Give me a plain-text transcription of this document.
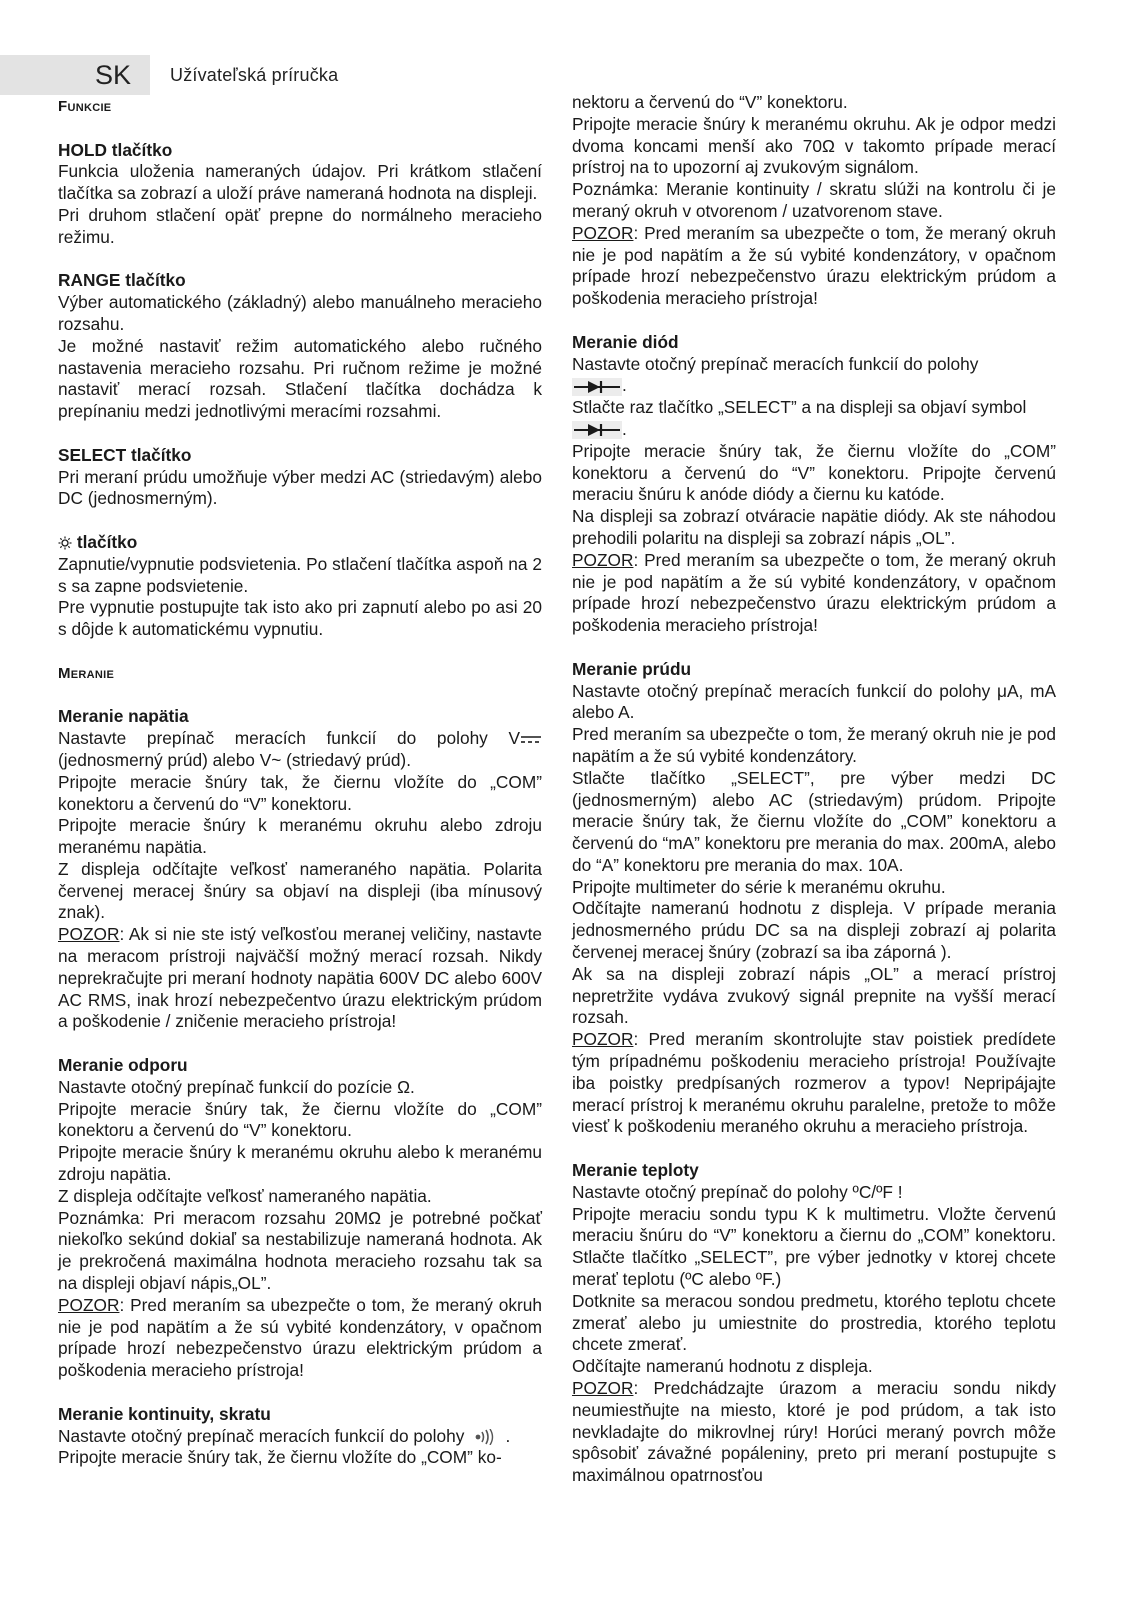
SK	Užívateľská príručka

Funkcie

HOLD tlačítko

Funkcia uloženia nameraných údajov. Pri krátkom stlačení tlačítka sa zobrazí a uloží práve nameraná hodnota na displeji.

Pri druhom stlačení opäť prepne do normálneho meracieho režimu.

RANGE tlačítko

Výber automatického (základný) alebo manuálneho meracieho rozsahu.

Je možné nastaviť režim automatického alebo ručného nastavenia meracieho rozsahu. Pri ručnom režime je možné nastaviť merací rozsah. Stlačení tlačítka dochádza k prepínaniu medzi jednotlivými meracími rozsahmi.

SELECT tlačítko

Pri meraní prúdu umožňuje výber medzi AC (striedavým) alebo DC (jednosmerným).

tlačítko

Zapnutie/vypnutie podsvietenia. Po stlačení tlačítka aspoň na 2 s sa zapne podsvietenie.

Pre vypnutie postupujte tak isto ako pri zapnutí alebo po asi 20 s dôjde k automatickému vypnutiu.

Meranie

Meranie napätia

Nastavte prepínač meracích funkcií do polohy V (jednosmerný prúd) alebo V~ (striedavý prúd).

Pripojte meracie šnúry tak, že čiernu vložíte do „COM” konektoru a červenú do “V” konektoru.

Pripojte meracie šnúry k meranému okruhu alebo zdroju meranému napätia.

Z displeja odčítajte veľkosť nameraného napätia. Polarita červenej meracej šnúry sa objaví na displeji (iba mínusový znak).

POZOR: Ak si nie ste istý veľkosťou meranej veličiny, nastavte na meracom prístroji najväčší možný merací rozsah. Nikdy neprekračujte pri meraní hodnoty napätia 600V DC alebo 600V AC RMS, inak hrozí nebezpečentvo úrazu elektrickým prúdom a poškodenie / zničenie meracieho prístroja!

Meranie odporu

Nastavte otočný prepínač funkcií do pozície Ω.

Pripojte meracie šnúry tak, že čiernu vložíte do „COM” konektoru a červenú do “V” konektoru.

Pripojte meracie šnúry k meranému okruhu alebo k meranému zdroju napätia.

Z displeja odčítajte veľkosť nameraného napätia.

Poznámka: Pri meracom rozsahu 20MΩ je potrebné počkať niekoľko sekúnd dokiaľ sa nestabilizuje nameraná hodnota. Ak je prekročená maximálna hodnota meracieho rozsahu tak sa na displeji objaví nápis„OL”.

POZOR: Pred meraním sa ubezpečte o tom, že meraný okruh nie je pod napätím a že sú vybité kondenzátory, v opačnom prípade hrozí nebezpečenstvo úrazu elektrickým prúdom a poškodenia meracieho prístroja!

Meranie kontinuity, skratu

Nastavte otočný prepínač meracích funkcií do polohy    .

Pripojte meracie šnúry tak, že čiernu vložíte do „COM” ko-

nektoru a červenú do “V” konektoru.

Pripojte meracie šnúry k meranému okruhu. Ak je odpor medzi dvoma koncami menší ako 70Ω v takomto prípade merací prístroj na to upozorní aj zvukovým signálom.

Poznámka: Meranie kontinuity / skratu slúži na kontrolu či je meraný okruh v otvorenom / uzatvorenom stave.

POZOR: Pred meraním sa ubezpečte o tom, že meraný okruh nie je pod napätím a že sú vybité kondenzátory, v opačnom prípade hrozí nebezpečenstvo úrazu elektrickým prúdom a poškodenia meracieho prístroja!

Meranie diód

Nastavte otočný prepínač meracích funkcií do polohy
.

Stlačte raz tlačítko „SELECT” a na displeji sa objaví symbol
.

Pripojte meracie šnúry tak, že čiernu vložíte do „COM” konektoru a červenú do “V” konektoru. Pripojte červenú meraciu šnúru k anóde diódy a čiernu ku katóde.

Na displeji sa zobrazí otváracie napätie diódy. Ak ste náhodou prehodili polaritu na displeji sa zobrazí nápis „OL”.

POZOR: Pred meraním sa ubezpečte o tom, že meraný okruh nie je pod napätím a že sú vybité kondenzátory, v opačnom prípade hrozí nebezpečenstvo úrazu elektrickým prúdom a poškodenia meracieho prístroja!

Meranie prúdu

Nastavte otočný prepínač meracích funkcií do polohy μA, mA alebo A.

Pred meraním sa ubezpečte o tom, že meraný okruh nie je pod napätím a že sú vybité kondenzátory.

Stlačte tlačítko „SELECT”, pre výber medzi DC (jednosmerným) alebo AC (striedavým) prúdom. Pripojte meracie šnúry tak, že čiernu vložíte do „COM” konektoru a červenú do “mA” konektoru pre merania do max. 200mA, alebo do “A” konektoru pre merania do max. 10A.

Pripojte multimeter do série k meranému okruhu.

Odčítajte nameranú hodnotu z displeja. V prípade merania jednosmerného prúdu DC sa na displeji zobrazí aj polarita červenej meracej šnúry (zobrazí sa iba záporná ).

Ak sa na displeji zobrazí nápis „OL” a merací prístroj nepretržite vydáva zvukový signál prepnite na vyšší merací rozsah.

POZOR: Pred meraním skontrolujte stav poistiek predídete tým prípadnému poškodeniu meracieho prístroja! Používajte iba poistky predpísaných rozmerov a typov! Nepripájajte merací prístroj k meranému okruhu paralelne, pretože to môže viesť k poškodeniu meraného okruhu a meracieho prístroja.

Meranie teploty

Nastavte otočný prepínač do polohy ºC/ºF !

Pripojte meraciu sondu typu K k multimetru. Vložte červenú meraciu šnúru do “V” konektoru a čiernu do „COM” konektoru. Stlačte tlačítko „SELECT”, pre výber jednotky v ktorej chcete merať teplotu (ºC alebo ºF.)

Dotknite sa meracou sondou predmetu, ktorého teplotu chcete zmerať alebo ju umiestnite do prostredia, ktorého teplotu chcete zmerať.

Odčítajte nameranú hodnotu z displeja.

POZOR: Predchádzajte úrazom a meraciu sondu nikdy neumiestňujte na miesto, ktoré je pod prúdom, a tak isto nevkladajte do mikrovlnej rúry! Horúci meraný povrch môže spôsobiť závažné popáleniny, preto pri meraní postupujte s maximálnou opatrnosťou
